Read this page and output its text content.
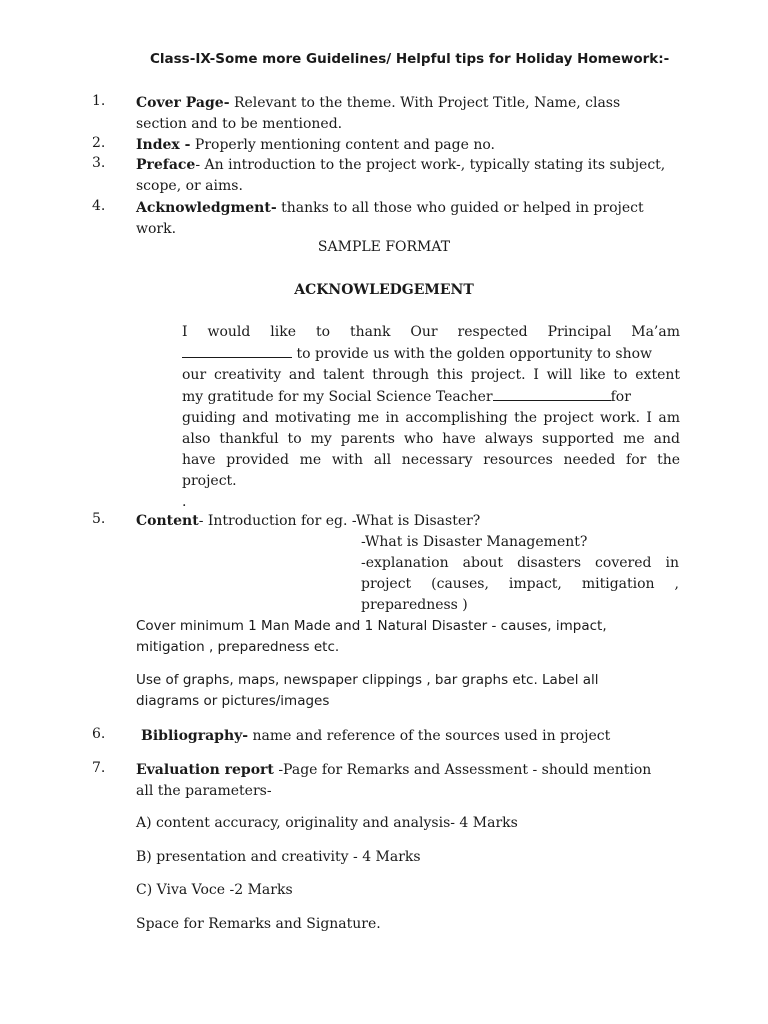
Class-IX-Some more Guidelines/ Helpful tips for Holiday Homework:-
1. Cover Page- Relevant to the theme. With Project Title, Name, class
section and to be mentioned.
2. Index - Properly mentioning content and page no.
3. Preface- An introduction to the project work-, typically stating its subject,
scope, or aims.
4. Acknowledgment- thanks to all those who guided or helped in project
work.
SAMPLE FORMAT
ACKNOWLEDGEMENT
I would like to thank Our respected Principal Ma’am
to provide us with the golden opportunity to show
our creativity and talent through this project. I will like to extent
my gratitude for my Social Science Teacher	for
guiding and motivating me in accomplishing the project work. I am
also thankful to my parents who have always supported me and
have provided me with all necessary resources needed for the
project.
.
5. Content- Introduction for eg. -What is Disaster?
-What is Disaster Management?
-explanation about disasters covered in
project (causes, impact, mitigation ,
preparedness )
Cover minimum 1 Man Made and 1 Natural Disaster - causes, impact,
mitigation , preparedness etc.
Use of graphs, maps, newspaper clippings , bar graphs etc. Label all
diagrams or pictures/images
6.	Bibliography- name and reference of the sources used in project
7. Evaluation report -Page for Remarks and Assessment - should mention
all the parameters-
A) content accuracy, originality and analysis- 4 Marks
B) presentation and creativity - 4 Marks
C) Viva Voce -2 Marks
Space for Remarks and Signature.
